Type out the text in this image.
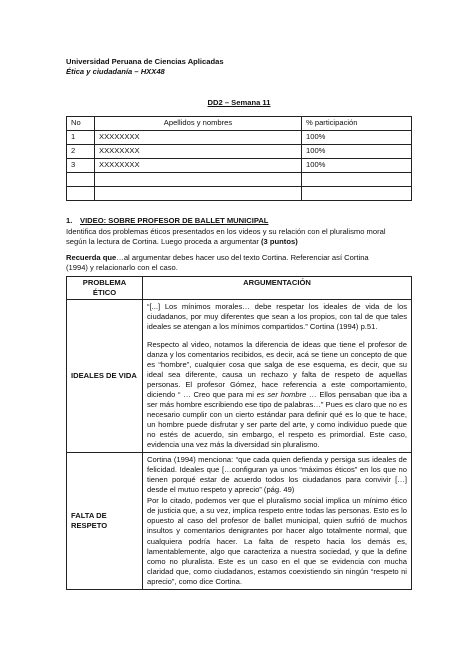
Universidad Peruana de Ciencias Aplicadas
Ética y ciudadanía – HXX48
DD2 – Semana 11
No	Apellidos y nombres	% participación
1	XXXXXXXX	100%
2	XXXXXXXX	100%
3	XXXXXXXX	100%

1. VIDEO: SOBRE PROFESOR DE BALLET MUNICIPAL
Identifica dos problemas éticos presentados en los videos y su relación con el pluralismo moral
según la lectura de Cortina. Luego proceda a argumentar (3 puntos)
Recuerda que…al argumentar debes hacer uso del texto Cortina. Referenciar así Cortina
(1994) y relacionarlo con el caso.
PROBLEMA ÉTICO	ARGUMENTACIÓN
IDEALES DE VIDA	“[...] Los mínimos morales… debe respetar los ideales de vida de los ciudadanos, por muy diferentes que sean a los propios, con tal de que tales ideales se atengan a los mínimos compartidos.” Cortina (1994) p.51.

Respecto al video, notamos la diferencia de ideas que tiene el profesor de danza y los comentarios recibidos, es decir, acá se tiene un concepto de que es “hombre”, cualquier cosa que salga de ese esquema, es decir, que su ideal sea diferente, causa un rechazo y falta de respeto de aquellas personas. El profesor Gómez, hace referencia a este comportamiento, diciendo “ … Creo que para mi es ser hombre … Ellos pensaban que iba a ser más hombre escribiendo ese tipo de palabras…” Pues es claro que no es necesario cumplir con un cierto estándar para definir qué es lo que te hace, un hombre puede disfrutar y ser parte del arte, y como individuo puede que no estés de acuerdo, sin embargo, el respeto es primordial. Este caso, evidencia una vez más la diversidad sin pluralismo.

FALTA DE RESPETO	Cortina (1994) menciona: “que cada quien defienda y persiga sus ideales de felicidad. Ideales que […configuran ya unos “máximos éticos” en los que no tienen porqué estar de acuerdo todos los ciudadanos para convivir […] desde el mutuo respeto y aprecio” (pág. 49)

Por lo citado, podemos ver que el pluralismo social implica un mínimo ético de justicia que, a su vez, implica respeto entre todas las personas. Esto es lo opuesto al caso del profesor de ballet municipal, quien sufrió de muchos insultos y comentarios denigrantes por hacer algo totalmente normal, que cualquiera podría hacer. La falta de respeto hacia los demás es, lamentablemente, algo que caracteriza a nuestra sociedad, y que la define como no pluralista. Este es un caso en el que se evidencia con mucha claridad que, como ciudadanos, estamos coexistiendo sin ningún “respeto ni aprecio”, como dice Cortina.
